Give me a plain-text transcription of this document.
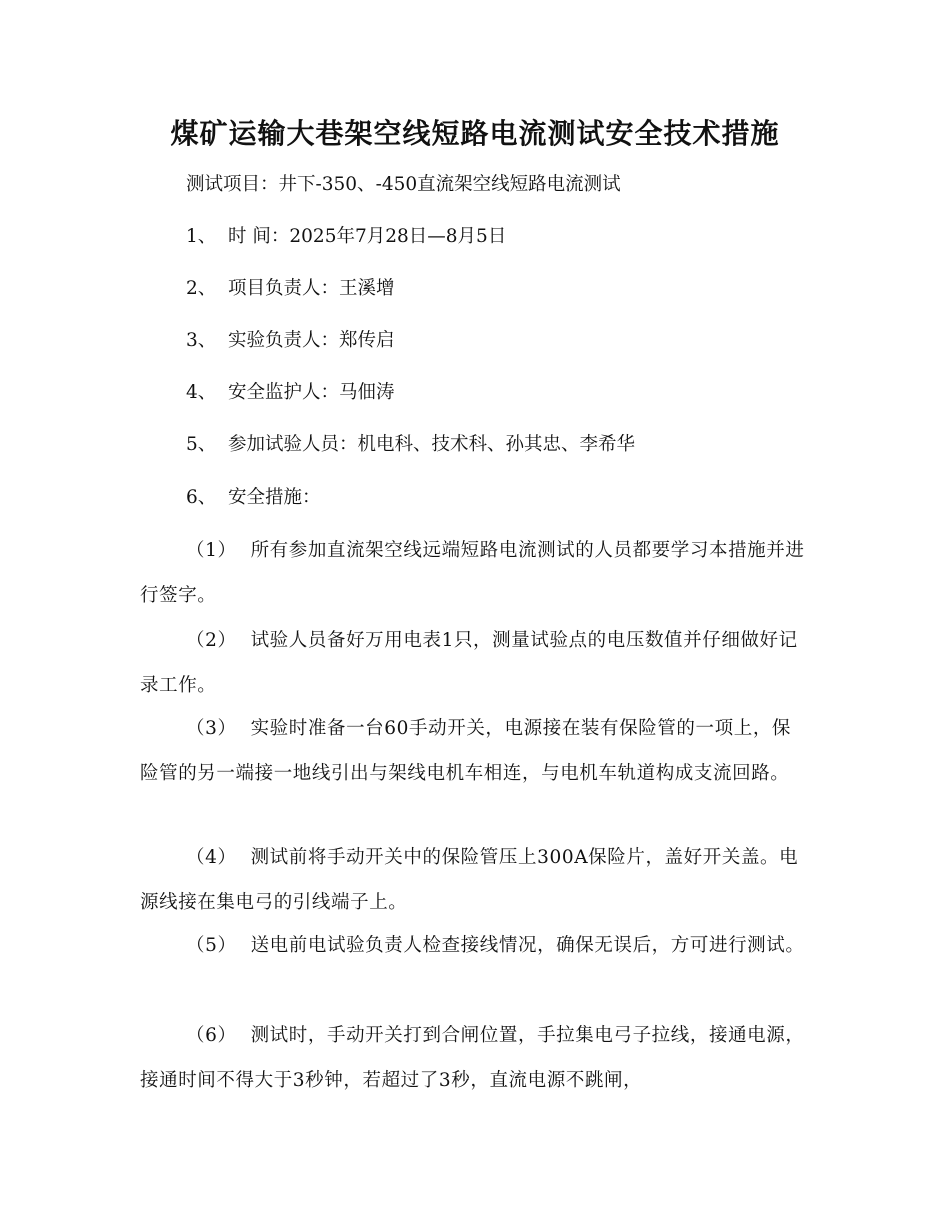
煤矿运输大巷架空线短路电流测试安全技术措施
测试项目：井下-350、-450直流架空线短路电流测试
1、 时 间：2025年7月28日—8月5日
2、 项目负责人：王溪增
3、 实验负责人：郑传启
4、 安全监护人：马佃涛
5、 参加试验人员：机电科、技术科、孙其忠、李希华
6、 安全措施：
（1） 所有参加直流架空线远端短路电流测试的人员都要学习本措施并进行签字。
（2） 试验人员备好万用电表1只，测量试验点的电压数值并仔细做好记录工作。
（3） 实验时准备一台60手动开关，电源接在装有保险管的一项上，保险管的另一端接一地线引出与架线电机车相连，与电机车轨道构成支流回路。
（4） 测试前将手动开关中的保险管压上300A保险片，盖好开关盖。电源线接在集电弓的引线端子上。
（5） 送电前电试验负责人检查接线情况，确保无误后，方可进行测试。
（6） 测试时，手动开关打到合闸位置，手拉集电弓子拉线，接通电源，接通时间不得大于3秒钟，若超过了3秒，直流电源不跳闸，
